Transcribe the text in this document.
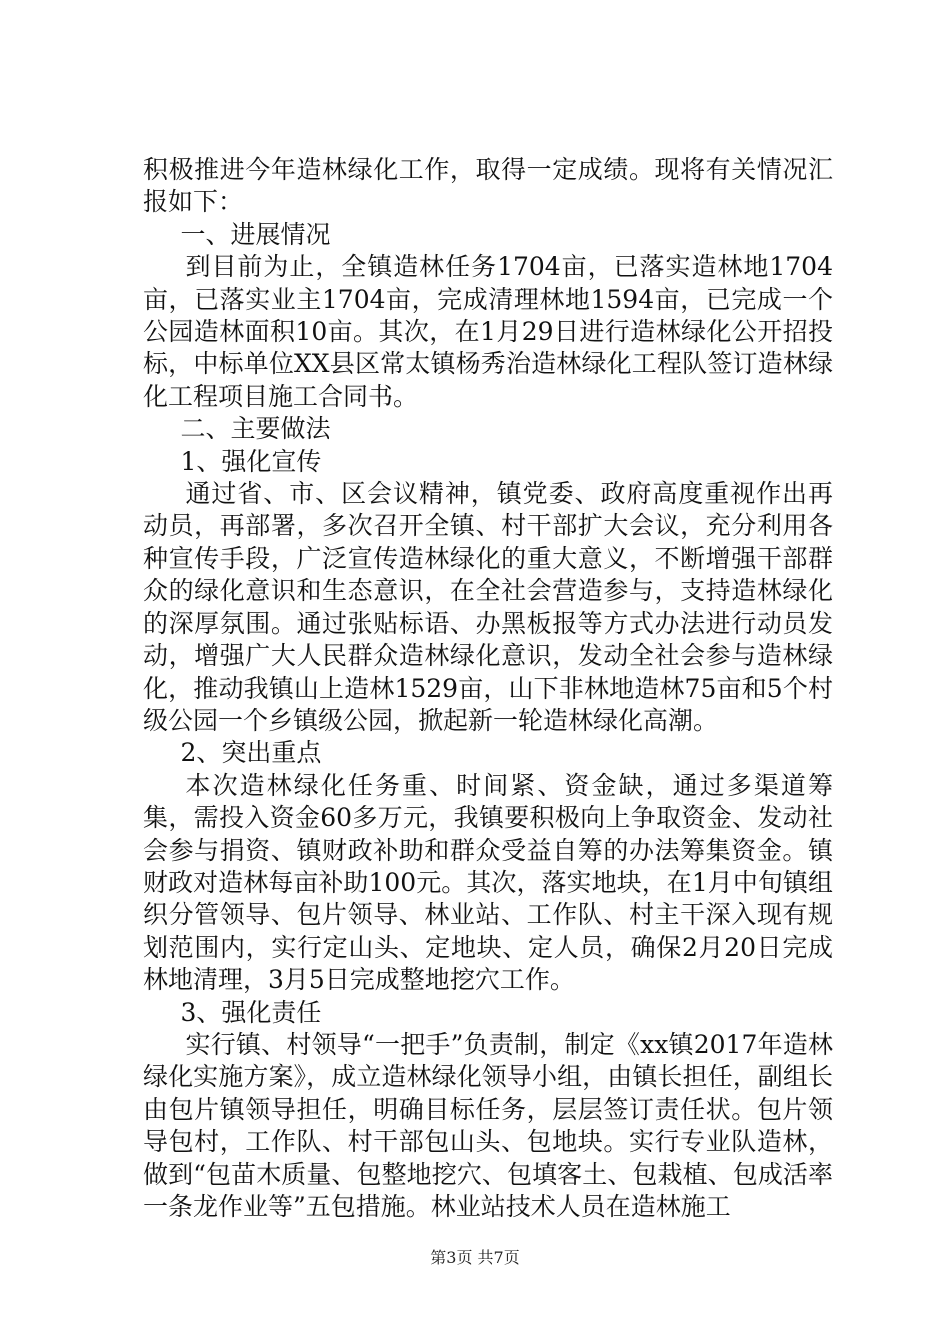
积极推进今年造林绿化工作，取得一定成绩。现将有关情况汇报如下：

一、进展情况

到目前为止，全镇造林任务1704亩，已落实造林地1704亩，已落实业主1704亩，完成清理林地1594亩，已完成一个公园造林面积10亩。其次，在1月29日进行造林绿化公开招投标，中标单位XX县区常太镇杨秀治造林绿化工程队签订造林绿化工程项目施工合同书。

二、主要做法

1、强化宣传

通过省、市、区会议精神，镇党委、政府高度重视作出再动员，再部署，多次召开全镇、村干部扩大会议，充分利用各种宣传手段，广泛宣传造林绿化的重大意义，不断增强干部群众的绿化意识和生态意识，在全社会营造参与，支持造林绿化的深厚氛围。通过张贴标语、办黑板报等方式办法进行动员发动，增强广大人民群众造林绿化意识，发动全社会参与造林绿化，推动我镇山上造林1529亩，山下非林地造林75亩和5个村级公园一个乡镇级公园，掀起新一轮造林绿化高潮。

2、突出重点

本次造林绿化任务重、时间紧、资金缺，通过多渠道筹集，需投入资金60多万元，我镇要积极向上争取资金、发动社会参与捐资、镇财政补助和群众受益自筹的办法筹集资金。镇财政对造林每亩补助100元。其次，落实地块，在1月中旬镇组织分管领导、包片领导、林业站、工作队、村主干深入现有规划范围内，实行定山头、定地块、定人员，确保2月20日完成林地清理，3月5日完成整地挖穴工作。

3、强化责任

实行镇、村领导“一把手”负责制，制定《xx镇2017年造林绿化实施方案》，成立造林绿化领导小组，由镇长担任，副组长由包片镇领导担任，明确目标任务，层层签订责任状。包片领导包村，工作队、村干部包山头、包地块。实行专业队造林，做到“包苗木质量、包整地挖穴、包填客土、包栽植、包成活率一条龙作业等”五包措施。林业站技术人员在造林施工

第3页 共7页
